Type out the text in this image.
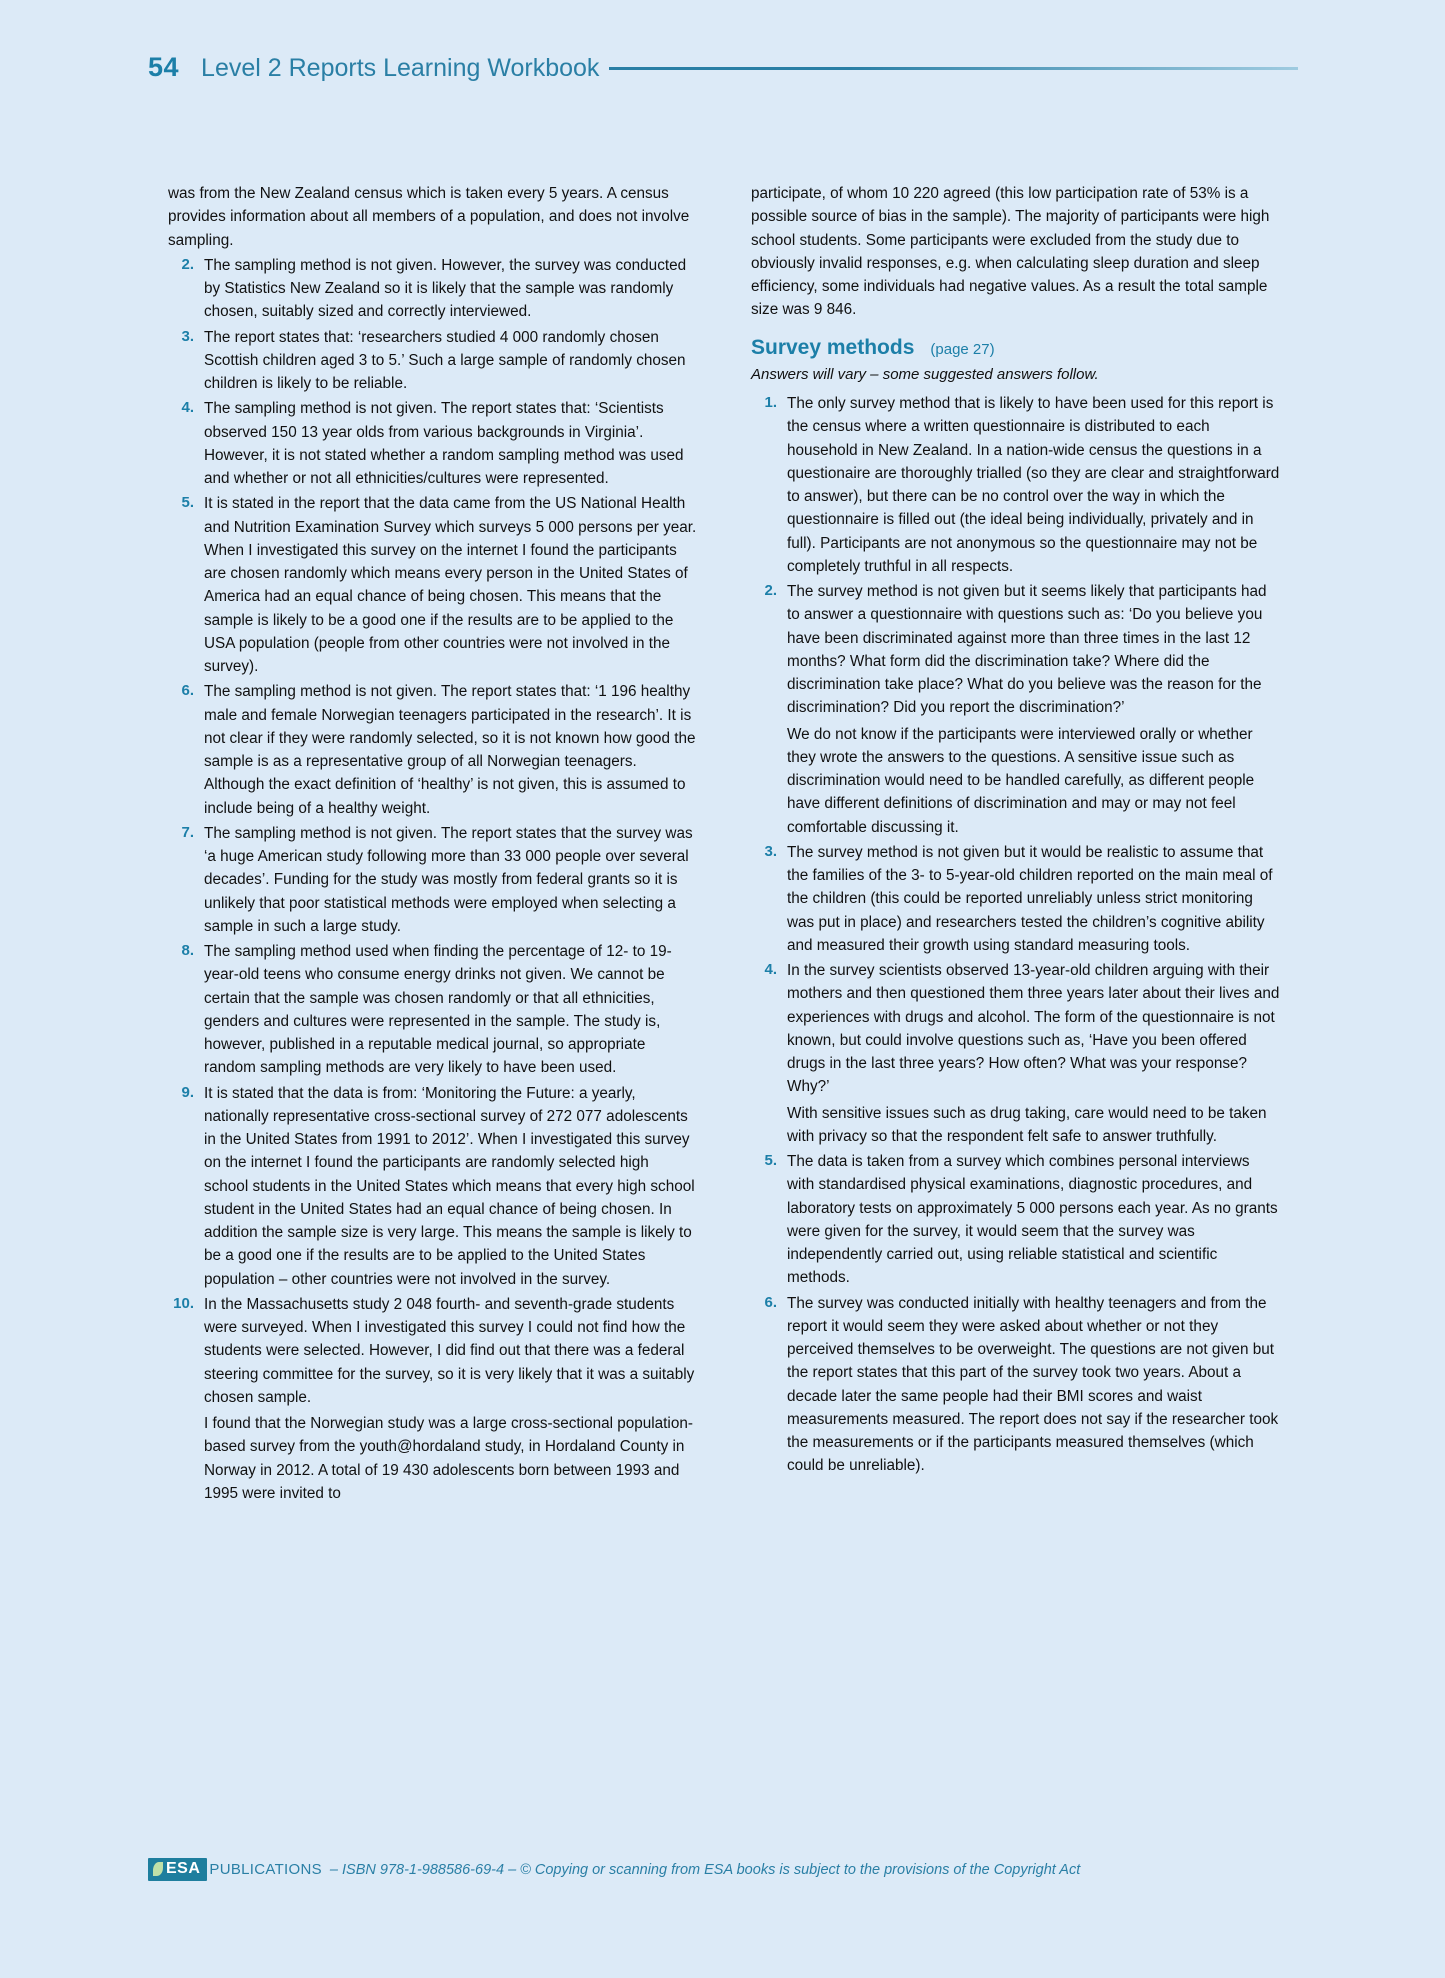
54 Level 2 Reports Learning Workbook

was from the New Zealand census which is taken every 5 years. A census provides information about all members of a population, and does not involve sampling.

2. The sampling method is not given. However, the survey was conducted by Statistics New Zealand so it is likely that the sample was randomly chosen, suitably sized and correctly interviewed.
3. The report states that: ‘researchers studied 4 000 randomly chosen Scottish children aged 3 to 5.’ Such a large sample of randomly chosen children is likely to be reliable.
4. The sampling method is not given. The report states that: ‘Scientists observed 150 13 year olds from various backgrounds in Virginia’. However, it is not stated whether a random sampling method was used and whether or not all ethnicities/cultures were represented.
5. It is stated in the report that the data came from the US National Health and Nutrition Examination Survey which surveys 5 000 persons per year. When I investigated this survey on the internet I found the participants are chosen randomly which means every person in the United States of America had an equal chance of being chosen. This means that the sample is likely to be a good one if the results are to be applied to the USA population (people from other countries were not involved in the survey).
6. The sampling method is not given. The report states that: ‘1 196 healthy male and female Norwegian teenagers participated in the research’. It is not clear if they were randomly selected, so it is not known how good the sample is as a representative group of all Norwegian teenagers. Although the exact definition of ‘healthy’ is not given, this is assumed to include being of a healthy weight.
7. The sampling method is not given. The report states that the survey was ‘a huge American study following more than 33 000 people over several decades’. Funding for the study was mostly from federal grants so it is unlikely that poor statistical methods were employed when selecting a sample in such a large study.
8. The sampling method used when finding the percentage of 12- to 19-year-old teens who consume energy drinks not given. We cannot be certain that the sample was chosen randomly or that all ethnicities, genders and cultures were represented in the sample. The study is, however, published in a reputable medical journal, so appropriate random sampling methods are very likely to have been used.
9. It is stated that the data is from: ‘Monitoring the Future: a yearly, nationally representative cross-sectional survey of 272 077 adolescents in the United States from 1991 to 2012’. When I investigated this survey on the internet I found the participants are randomly selected high school students in the United States which means that every high school student in the United States had an equal chance of being chosen. In addition the sample size is very large. This means the sample is likely to be a good one if the results are to be applied to the United States population – other countries were not involved in the survey.
10. In the Massachusetts study 2 048 fourth- and seventh-grade students were surveyed. When I investigated this survey I could not find how the students were selected. However, I did find out that there was a federal steering committee for the survey, so it is very likely that it was a suitably chosen sample.

I found that the Norwegian study was a large cross-sectional population-based survey from the youth@hordaland study, in Hordaland County in Norway in 2012. A total of 19 430 adolescents born between 1993 and 1995 were invited to

participate, of whom 10 220 agreed (this low participation rate of 53% is a possible source of bias in the sample). The majority of participants were high school students. Some participants were excluded from the study due to obviously invalid responses, e.g. when calculating sleep duration and sleep efficiency, some individuals had negative values. As a result the total sample size was 9 846.

Survey methods (page 27)

Answers will vary – some suggested answers follow.

1. The only survey method that is likely to have been used for this report is the census where a written questionnaire is distributed to each household in New Zealand. In a nation-wide census the questions in a questionaire are thoroughly trialled (so they are clear and straightforward to answer), but there can be no control over the way in which the questionnaire is filled out (the ideal being individually, privately and in full). Participants are not anonymous so the questionnaire may not be completely truthful in all respects.
2. The survey method is not given but it seems likely that participants had to answer a questionnaire with questions such as: ‘Do you believe you have been discriminated against more than three times in the last 12 months? What form did the discrimination take? Where did the discrimination take place? What do you believe was the reason for the discrimination? Did you report the discrimination?’
We do not know if the participants were interviewed orally or whether they wrote the answers to the questions. A sensitive issue such as discrimination would need to be handled carefully, as different people have different definitions of discrimination and may or may not feel comfortable discussing it.
3. The survey method is not given but it would be realistic to assume that the families of the 3- to 5-year-old children reported on the main meal of the children (this could be reported unreliably unless strict monitoring was put in place) and researchers tested the children’s cognitive ability and measured their growth using standard measuring tools.
4. In the survey scientists observed 13-year-old children arguing with their mothers and then questioned them three years later about their lives and experiences with drugs and alcohol. The form of the questionnaire is not known, but could involve questions such as, ‘Have you been offered drugs in the last three years? How often? What was your response? Why?’
With sensitive issues such as drug taking, care would need to be taken with privacy so that the respondent felt safe to answer truthfully.
5. The data is taken from a survey which combines personal interviews with standardised physical examinations, diagnostic procedures, and laboratory tests on approximately 5 000 persons each year. As no grants were given for the survey, it would seem that the survey was independently carried out, using reliable statistical and scientific methods.
6. The survey was conducted initially with healthy teenagers and from the report it would seem they were asked about whether or not they perceived themselves to be overweight. The questions are not given but the report states that this part of the survey took two years. About a decade later the same people had their BMI scores and waist measurements measured. The report does not say if the researcher took the measurements or if the participants measured themselves (which could be unreliable).
ESA PUBLICATIONS – ISBN 978-1-988586-69-4 – © Copying or scanning from ESA books is subject to the provisions of the Copyright Act
